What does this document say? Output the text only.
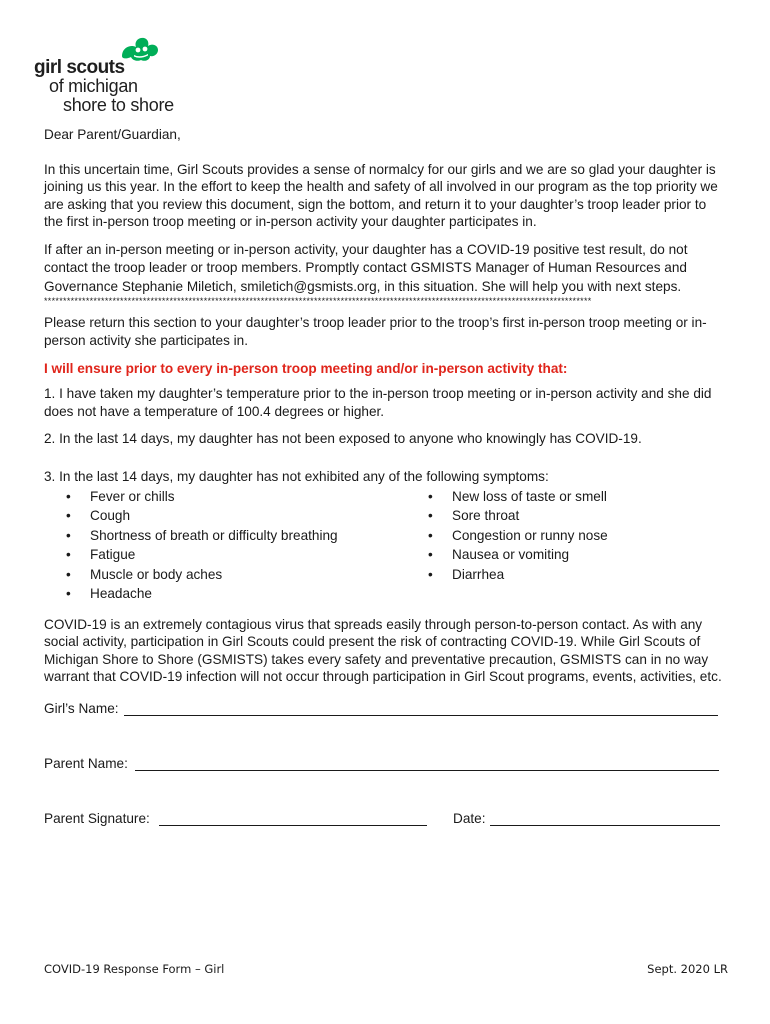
girl scouts
of michigan
shore to shore

Dear Parent/Guardian,

In this uncertain time, Girl Scouts provides a sense of normalcy for our girls and we are so glad your daughter is joining us this year. In the effort to keep the health and safety of all involved in our program as the top priority we are asking that you review this document, sign the bottom, and return it to your daughter’s troop leader prior to the first in-person troop meeting or in-person activity your daughter participates in.

If after an in-person meeting or in-person activity, your daughter has a COVID-19 positive test result, do not contact the troop leader or troop members. Promptly contact GSMISTS Manager of Human Resources and Governance Stephanie Miletich, smiletich@gsmists.org, in this situation. She will help you with next steps.

************************************************************************************************************************************************

Please return this section to your daughter’s troop leader prior to the troop’s first in-person troop meeting or in-person activity she participates in.

I will ensure prior to every in-person troop meeting and/or in-person activity that:

1. I have taken my daughter’s temperature prior to the in-person troop meeting or in-person activity and she did does not have a temperature of 100.4 degrees or higher.

2. In the last 14 days, my daughter has not been exposed to anyone who knowingly has COVID-19.

3. In the last 14 days, my daughter has not exhibited any of the following symptoms:

• Fever or chills
• Cough
• Shortness of breath or difficulty breathing
• Fatigue
• Muscle or body aches
• Headache
• New loss of taste or smell
• Sore throat
• Congestion or runny nose
• Nausea or vomiting
• Diarrhea

COVID-19 is an extremely contagious virus that spreads easily through person-to-person contact. As with any social activity, participation in Girl Scouts could present the risk of contracting COVID-19. While Girl Scouts of Michigan Shore to Shore (GSMISTS) takes every safety and preventative precaution, GSMISTS can in no way warrant that COVID-19 infection will not occur through participation in Girl Scout programs, events, activities, etc.

Girl’s Name:
Parent Name:
Parent Signature:	Date:
COVID-19 Response Form – Girl	Sept. 2020 LR
